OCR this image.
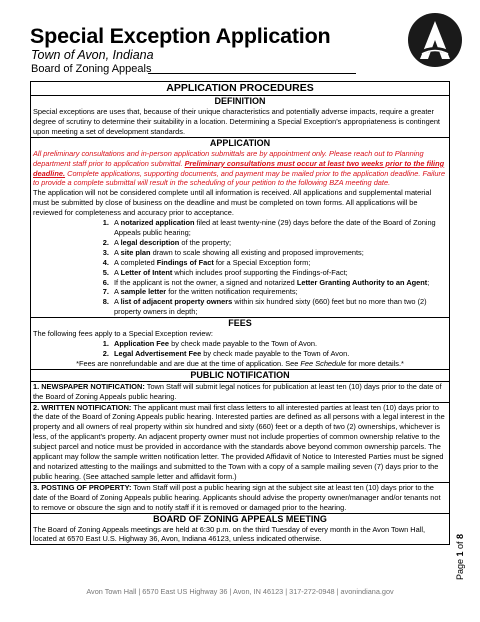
Special Exception Application
Town of Avon, Indiana
Board of Zoning Appeals
APPLICATION PROCEDURES
DEFINITION
Special exceptions are uses that, because of their unique characteristics and potentially adverse impacts, require a greater degree of scrutiny to determine their suitability in a location. Determining a Special Exception’s appropriateness is contingent upon meeting a set of development standards.
APPLICATION
All preliminary consultations and in-person application submittals are by appointment only. Please reach out to Planning department staff prior to application submittal. Preliminary consultations must occur at least two weeks prior to the filing deadline. Complete applications, supporting documents, and payment may be mailed prior to the application deadline. Failure to provide a complete submittal will result in the scheduling of your petition to the following BZA meeting date.
The application will not be considered complete until all information is received. All applications and supplemental material must be submitted by close of business on the deadline and must be completed on town forms. All applications will be reviewed for completeness and accuracy prior to acceptance.
1. A notarized application filed at least twenty-nine (29) days before the date of the Board of Zoning Appeals public hearing;
2. A legal description of the property;
3. A site plan drawn to scale showing all existing and proposed improvements;
4. A completed Findings of Fact for a Special Exception form;
5. A Letter of Intent which includes proof supporting the Findings-of-Fact;
6. If the applicant is not the owner, a signed and notarized Letter Granting Authority to an Agent;
7. A sample letter for the written notification requirements;
8. A list of adjacent property owners within six hundred sixty (660) feet but no more than two (2) property owners in depth;
FEES
The following fees apply to a Special Exception review:
1. Application Fee by check made payable to the Town of Avon.
2. Legal Advertisement Fee by check made payable to the Town of Avon.
*Fees are nonrefundable and are due at the time of application. See Fee Schedule for more details.*
PUBLIC NOTIFICATION
1. NEWSPAPER NOTIFICATION: Town Staff will submit legal notices for publication at least ten (10) days prior to the date of the Board of Zoning Appeals public hearing.
2. WRITTEN NOTIFICATION: The applicant must mail first class letters to all interested parties at least ten (10) days prior to the date of the Board of Zoning Appeals public hearing. Interested parties are defined as all persons with a legal interest in the property and all owners of real property within six hundred and sixty (660) feet or a depth of two (2) ownerships, whichever is less, of the applicant’s property. An adjacent property owner must not include properties of common ownership relative to the subject parcel and notice must be provided in accordance with the standards above beyond common ownership parcels. The applicant may follow the sample written notification letter. The provided Affidavit of Notice to Interested Parties must be signed and notarized attesting to the mailings and submitted to the Town with a copy of a sample mailing seven (7) days prior to the public hearing. (See attached sample letter and affidavit form.)
3. POSTING OF PROPERTY: Town Staff will post a public hearing sign at the subject site at least ten (10) days prior to the date of the Board of Zoning Appeals public hearing. Applicants should advise the property owner/manager and/or tenants not to remove or obscure the sign and to notify staff if it is removed or damaged prior to the hearing.
BOARD OF ZONING APPEALS MEETING
The Board of Zoning Appeals meetings are held at 6:30 p.m. on the third Tuesday of every month in the Avon Town Hall, located at 6570 East U.S. Highway 36, Avon, Indiana 46123, unless indicated otherwise.
Page 1 of 8
Avon Town Hall | 6570 East US Highway 36 | Avon, IN 46123 | 317-272-0948 | avonindiana.gov
